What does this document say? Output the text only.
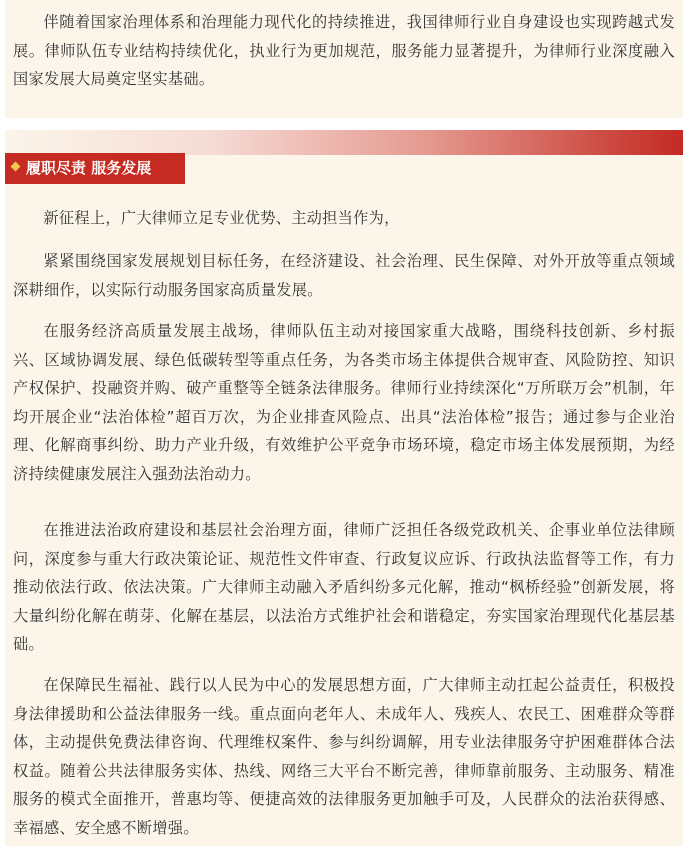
伴随着国家治理体系和治理能力现代化的持续推进，我国律师行业自身建设也实现跨越式发展。律师队伍专业结构持续优化，执业行为更加规范，服务能力显著提升，为律师行业深度融入国家发展大局奠定坚实基础。

履职尽责 服务发展

新征程上，广大律师立足专业优势、主动担当作为，

紧紧围绕国家发展规划目标任务，在经济建设、社会治理、民生保障、对外开放等重点领域深耕细作，以实际行动服务国家高质量发展。

在服务经济高质量发展主战场，律师队伍主动对接国家重大战略，围绕科技创新、乡村振兴、区域协调发展、绿色低碳转型等重点任务，为各类市场主体提供合规审查、风险防控、知识产权保护、投融资并购、破产重整等全链条法律服务。律师行业持续深化“万所联万会”机制，年均开展企业“法治体检”超百万次，为企业排查风险点、出具“法治体检”报告；通过参与企业治理、化解商事纠纷、助力产业升级，有效维护公平竞争市场环境，稳定市场主体发展预期，为经济持续健康发展注入强劲法治动力。

在推进法治政府建设和基层社会治理方面，律师广泛担任各级党政机关、企事业单位法律顾问，深度参与重大行政决策论证、规范性文件审查、行政复议应诉、行政执法监督等工作，有力推动依法行政、依法决策。广大律师主动融入矛盾纠纷多元化解，推动“枫桥经验”创新发展，将大量纠纷化解在萌芽、化解在基层，以法治方式维护社会和谐稳定，夯实国家治理现代化基层基础。

在保障民生福祉、践行以人民为中心的发展思想方面，广大律师主动扛起公益责任，积极投身法律援助和公益法律服务一线。重点面向老年人、未成年人、残疾人、农民工、困难群众等群体，主动提供免费法律咨询、代理维权案件、参与纠纷调解，用专业法律服务守护困难群体合法权益。随着公共法律服务实体、热线、网络三大平台不断完善，律师靠前服务、主动服务、精准服务的模式全面推开，普惠均等、便捷高效的法律服务更加触手可及，人民群众的法治获得感、幸福感、安全感不断增强。
